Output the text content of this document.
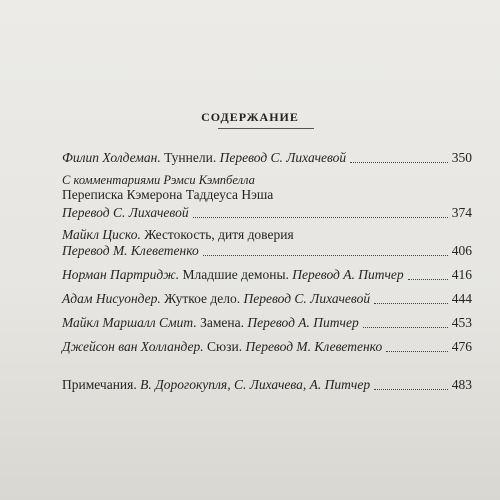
СОДЕРЖАНИЕ
Филип Холдеман. Туннели. Перевод С. Лихачевой	350
С комментариями Рэмси Кэмпбелла
Переписка Кэмерона Таддеуса Нэша
Перевод С. Лихачевой	374
Майкл Циско. Жестокость, дитя доверия
Перевод М. Клеветенко	406
Норман Партридж. Младшие демоны. Перевод А. Питчер	416
Адам Нисуондер. Жуткое дело. Перевод С. Лихачевой	444
Майкл Маршалл Смит. Замена. Перевод А. Питчер	453
Джейсон ван Холландер. Сюзи. Перевод М. Клеветенко	476
Примечания. В. Дорогокупля, С. Лихачева, А. Питчер	483
